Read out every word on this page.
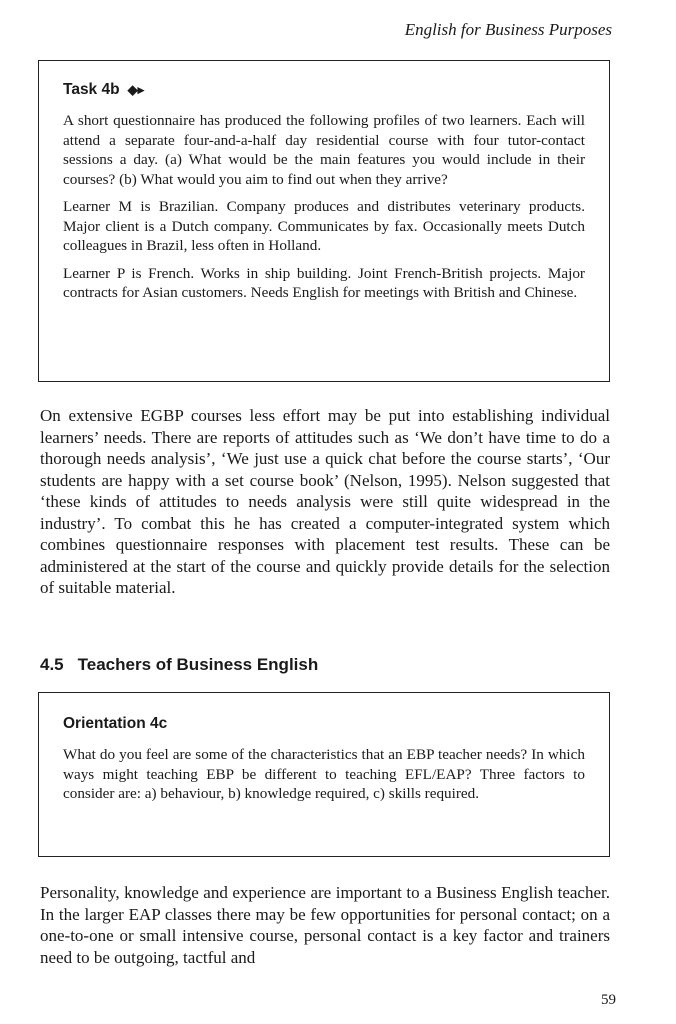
English for Business Purposes
Task 4b ◆▸

A short questionnaire has produced the following profiles of two learners. Each will attend a separate four-and-a-half day residential course with four tutor-contact sessions a day. (a) What would be the main features you would include in their courses? (b) What would you aim to find out when they arrive?

Learner M is Brazilian. Company produces and distributes veterinary products. Major client is a Dutch company. Communicates by fax. Occasionally meets Dutch colleagues in Brazil, less often in Holland.

Learner P is French. Works in ship building. Joint French-British projects. Major contracts for Asian customers. Needs English for meetings with British and Chinese.

On extensive EGBP courses less effort may be put into establishing individual learners’ needs. There are reports of attitudes such as ‘We don’t have time to do a thorough needs analysis’, ‘We just use a quick chat before the course starts’, ‘Our students are happy with a set course book’ (Nelson, 1995). Nelson suggested that ‘these kinds of attitudes to needs analysis were still quite widespread in the industry’. To combat this he has created a computer-integrated system which combines questionnaire responses with placement test results. These can be administered at the start of the course and quickly provide details for the selection of suitable material.

4.5 Teachers of Business English
Orientation 4c

What do you feel are some of the characteristics that an EBP teacher needs? In which ways might teaching EBP be different to teaching EFL/EAP? Three factors to consider are: a) behaviour, b) knowledge required, c) skills required.

Personality, knowledge and experience are important to a Business English teacher. In the larger EAP classes there may be few opportunities for personal contact; on a one-to-one or small intensive course, personal contact is a key factor and trainers need to be outgoing, tactful and

59
